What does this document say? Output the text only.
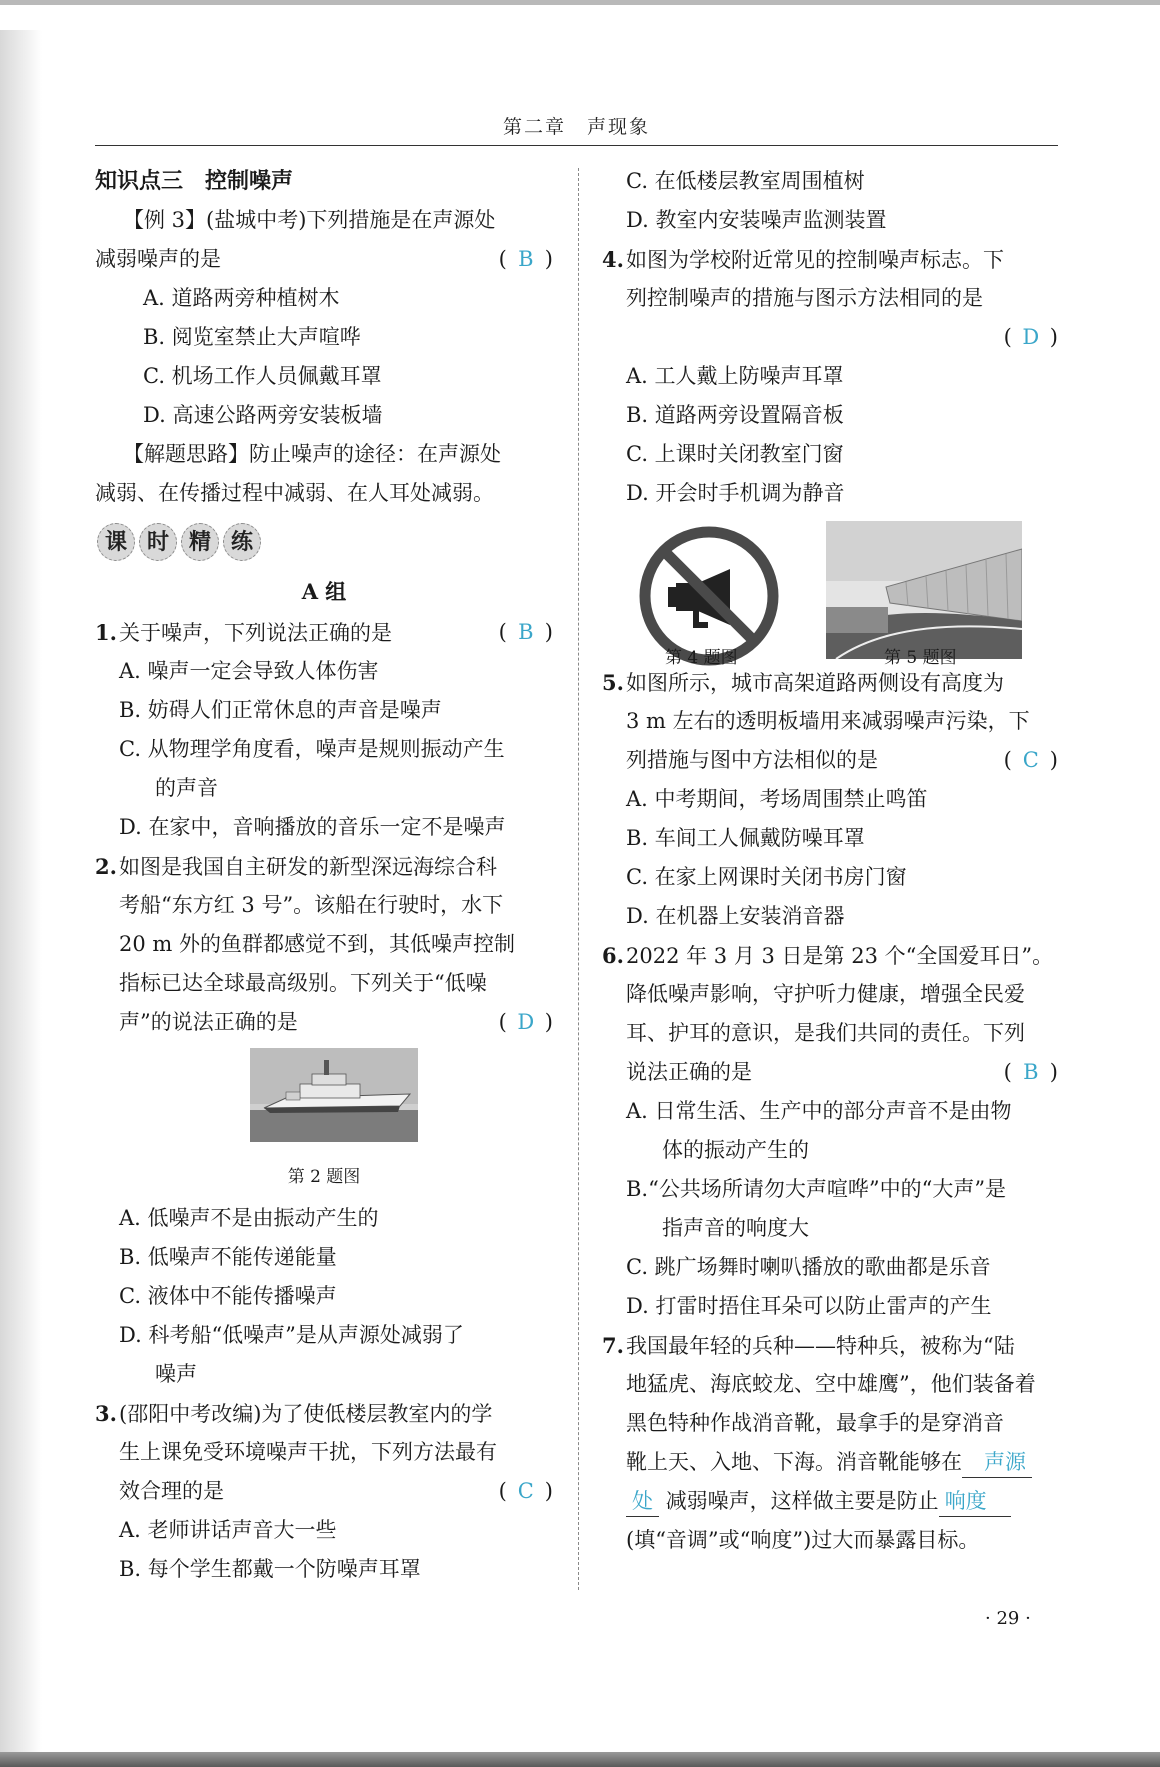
第二章　声现象
知识点三　控制噪声
【例 3】(盐城中考)下列措施是在声源处
减弱噪声的是	( B )
A. 道路两旁种植树木
B. 阅览室禁止大声喧哗
C. 机场工作人员佩戴耳罩
D. 高速公路两旁安装板墙
【解题思路】防止噪声的途径：在声源处
减弱、在传播过程中减弱、在人耳处减弱。
课 时 精 练
A 组
1.关于噪声，下列说法正确的是	( B )
A. 噪声一定会导致人体伤害
B. 妨碍人们正常休息的声音是噪声
C. 从物理学角度看，噪声是规则振动产生
的声音
D. 在家中，音响播放的音乐一定不是噪声
2.如图是我国自主研发的新型深远海综合科
考船“东方红 3 号”。该船在行驶时，水下
20 m 外的鱼群都感觉不到，其低噪声控制
指标已达全球最高级别。下列关于“低噪
声”的说法正确的是	( D )
第 2 题图
A. 低噪声不是由振动产生的
B. 低噪声不能传递能量
C. 液体中不能传播噪声
D. 科考船“低噪声”是从声源处减弱了
噪声
3.(邵阳中考改编)为了使低楼层教室内的学
生上课免受环境噪声干扰，下列方法最有
效合理的是	( C )
A. 老师讲话声音大一些
B. 每个学生都戴一个防噪声耳罩
C. 在低楼层教室周围植树
D. 教室内安装噪声监测装置
4.如图为学校附近常见的控制噪声标志。下
列控制噪声的措施与图示方法相同的是
( D )
A. 工人戴上防噪声耳罩
B. 道路两旁设置隔音板
C. 上课时关闭教室门窗
D. 开会时手机调为静音
第 4 题图	第 5 题图
5.如图所示，城市高架道路两侧设有高度为
3 m 左右的透明板墙用来减弱噪声污染，下
列措施与图中方法相似的是	( C )
A. 中考期间，考场周围禁止鸣笛
B. 车间工人佩戴防噪耳罩
C. 在家上网课时关闭书房门窗
D. 在机器上安装消音器
6.2022 年 3 月 3 日是第 23 个“全国爱耳日”。
降低噪声影响，守护听力健康，增强全民爱
耳、护耳的意识，是我们共同的责任。下列
说法正确的是	( B )
A. 日常生活、生产中的部分声音不是由物
体的振动产生的
B.“公共场所请勿大声喧哗”中的“大声”是
指声音的响度大
C. 跳广场舞时喇叭播放的歌曲都是乐音
D. 打雷时捂住耳朵可以防止雷声的产生
7.我国最年轻的兵种——特种兵，被称为“陆
地猛虎、海底蛟龙、空中雄鹰”，他们装备着
黑色特种作战消音靴，最拿手的是穿消音
靴上天、入地、下海。消音靴能够在 声源
处 减弱噪声，这样做主要是防止 响度
(填“音调”或“响度”)过大而暴露目标。
· 29 ·
